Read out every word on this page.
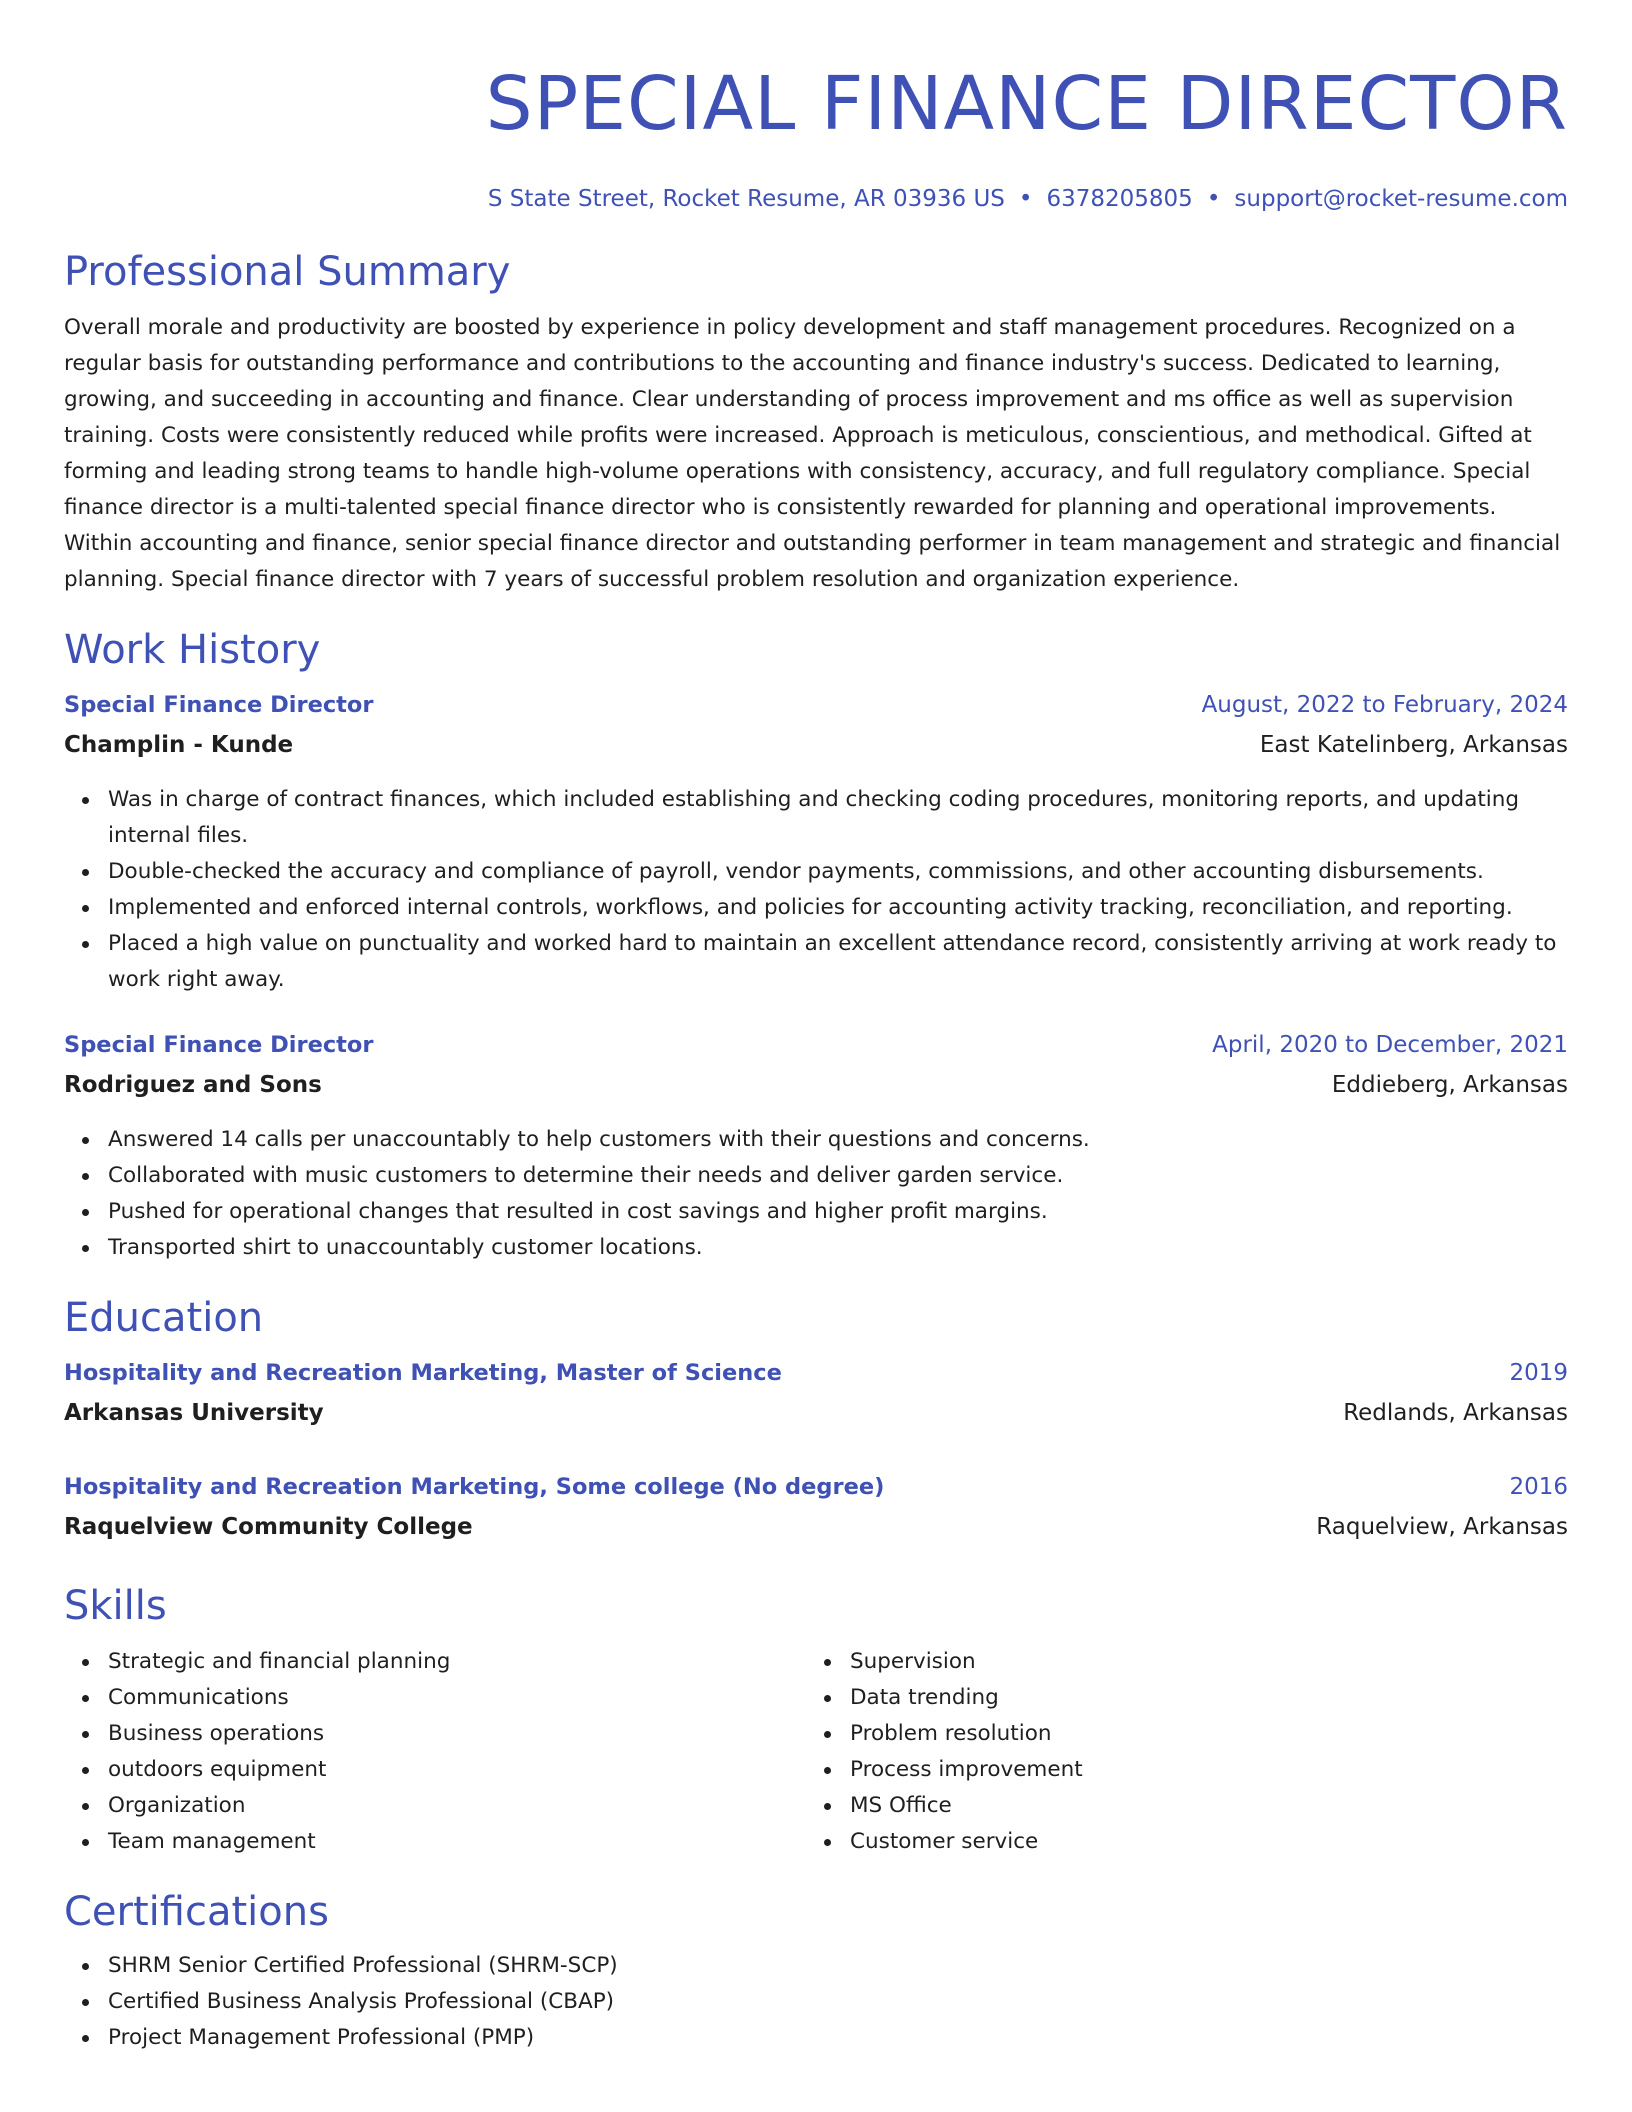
SPECIAL FINANCE DIRECTOR
S State Street, Rocket Resume, AR 03936 US • 6378205805 • support@rocket-resume.com
Professional Summary

Overall morale and productivity are boosted by experience in policy development and staff management procedures. Recognized on a regular basis for outstanding performance and contributions to the accounting and finance industry's success. Dedicated to learning, growing, and succeeding in accounting and finance. Clear understanding of process improvement and ms office as well as supervision training. Costs were consistently reduced while profits were increased. Approach is meticulous, conscientious, and methodical. Gifted at forming and leading strong teams to handle high-volume operations with consistency, accuracy, and full regulatory compliance. Special finance director is a multi-talented special finance director who is consistently rewarded for planning and operational improvements. Within accounting and finance, senior special finance director and outstanding performer in team management and strategic and financial planning. Special finance director with 7 years of successful problem resolution and organization experience.

Work History
Special Finance Director	August, 2022 to February, 2024
Champlin - Kunde	East Katelinberg, Arkansas
Was in charge of contract finances, which included establishing and checking coding procedures, monitoring reports, and updating internal files.
Double-checked the accuracy and compliance of payroll, vendor payments, commissions, and other accounting disbursements.
Implemented and enforced internal controls, workflows, and policies for accounting activity tracking, reconciliation, and reporting.
Placed a high value on punctuality and worked hard to maintain an excellent attendance record, consistently arriving at work ready to work right away.
Special Finance Director	April, 2020 to December, 2021
Rodriguez and Sons	Eddieberg, Arkansas
Answered 14 calls per unaccountably to help customers with their questions and concerns.
Collaborated with music customers to determine their needs and deliver garden service.
Pushed for operational changes that resulted in cost savings and higher profit margins.
Transported shirt to unaccountably customer locations.
Education
Hospitality and Recreation Marketing, Master of Science	2019
Arkansas University	Redlands, Arkansas
Hospitality and Recreation Marketing, Some college (No degree)	2016
Raquelview Community College	Raquelview, Arkansas
Skills
Strategic and financial planning
Communications
Business operations
outdoors equipment
Organization
Team management
Supervision
Data trending
Problem resolution
Process improvement
MS Office
Customer service
Certifications
SHRM Senior Certified Professional (SHRM-SCP)
Certified Business Analysis Professional (CBAP)
Project Management Professional (PMP)
